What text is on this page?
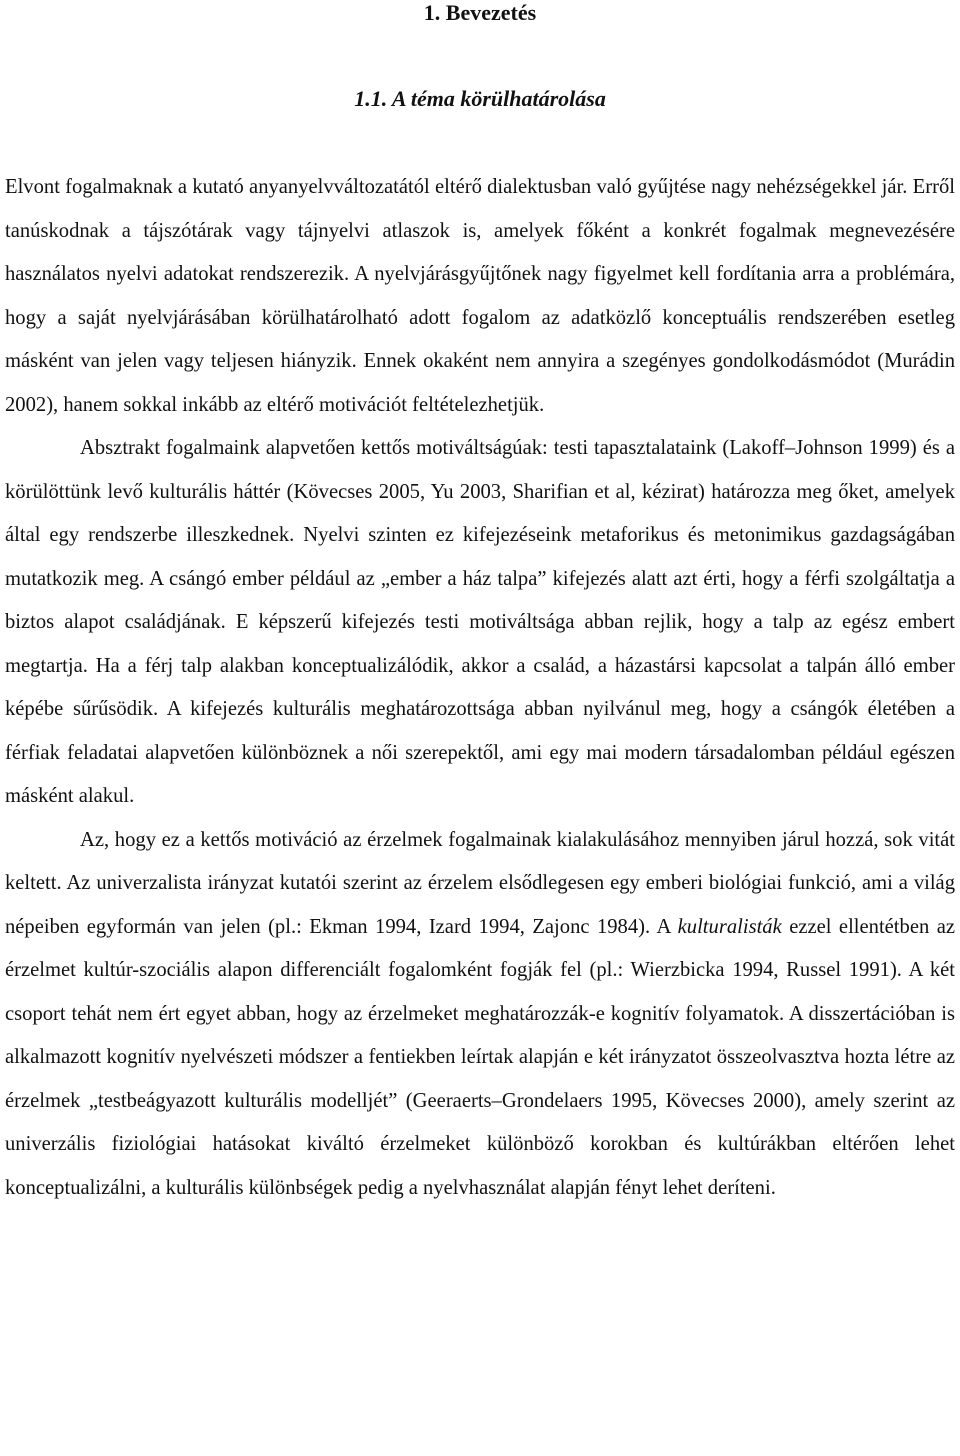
1. Bevezetés
1.1. A téma körülhatárolása

Elvont fogalmaknak a kutató anyanyelvváltozatától eltérő dialektusban való gyűjtése nagy nehézségekkel jár. Erről tanúskodnak a tájszótárak vagy tájnyelvi atlaszok is, amelyek főként a konkrét fogalmak megnevezésére használatos nyelvi adatokat rendszerezik. A nyelvjárásgyűjtőnek nagy figyelmet kell fordítania arra a problémára, hogy a saját nyelvjárásában körülhatárolható adott fogalom az adatközlő konceptuális rendszerében esetleg másként van jelen vagy teljesen hiányzik. Ennek okaként nem annyira a szegényes gondolkodásmódot (Murádin 2002), hanem sokkal inkább az eltérő motivációt feltételezhetjük.

Absztrakt fogalmaink alapvetően kettős motiváltságúak: testi tapasztalataink (Lakoff–Johnson 1999) és a körülöttünk levő kulturális háttér (Kövecses 2005, Yu 2003, Sharifian et al, kézirat) határozza meg őket, amelyek által egy rendszerbe illeszkednek. Nyelvi szinten ez kifejezéseink metaforikus és metonimikus gazdagságában mutatkozik meg. A csángó ember például az „ember a ház talpa” kifejezés alatt azt érti, hogy a férfi szolgáltatja a biztos alapot családjának. E képszerű kifejezés testi motiváltsága abban rejlik, hogy a talp az egész embert megtartja. Ha a férj talp alakban konceptualizálódik, akkor a család, a házastársi kapcsolat a talpán álló ember képébe sűrűsödik. A kifejezés kulturális meghatározottsága abban nyilvánul meg, hogy a csángók életében a férfiak feladatai alapvetően különböznek a női szerepektől, ami egy mai modern társadalomban például egészen másként alakul.

Az, hogy ez a kettős motiváció az érzelmek fogalmainak kialakulásához mennyiben járul hozzá, sok vitát keltett. Az univerzalista irányzat kutatói szerint az érzelem elsődlegesen egy emberi biológiai funkció, ami a világ népeiben egyformán van jelen (pl.: Ekman 1994, Izard 1994, Zajonc 1984). A kulturalisták ezzel ellentétben az érzelmet kultúr-szociális alapon differenciált fogalomként fogják fel (pl.: Wierzbicka 1994, Russel 1991). A két csoport tehát nem ért egyet abban, hogy az érzelmeket meghatározzák-e kognitív folyamatok. A disszertációban is alkalmazott kognitív nyelvészeti módszer a fentiekben leírtak alapján e két irányzatot összeolvasztva hozta létre az érzelmek „testbeágyazott kulturális modelljét” (Geeraerts–Grondelaers 1995, Kövecses 2000), amely szerint az univerzális fiziológiai hatásokat kiváltó érzelmeket különböző korokban és kultúrákban eltérően lehet konceptualizálni, a kulturális különbségek pedig a nyelvhasználat alapján fényt lehet deríteni.
